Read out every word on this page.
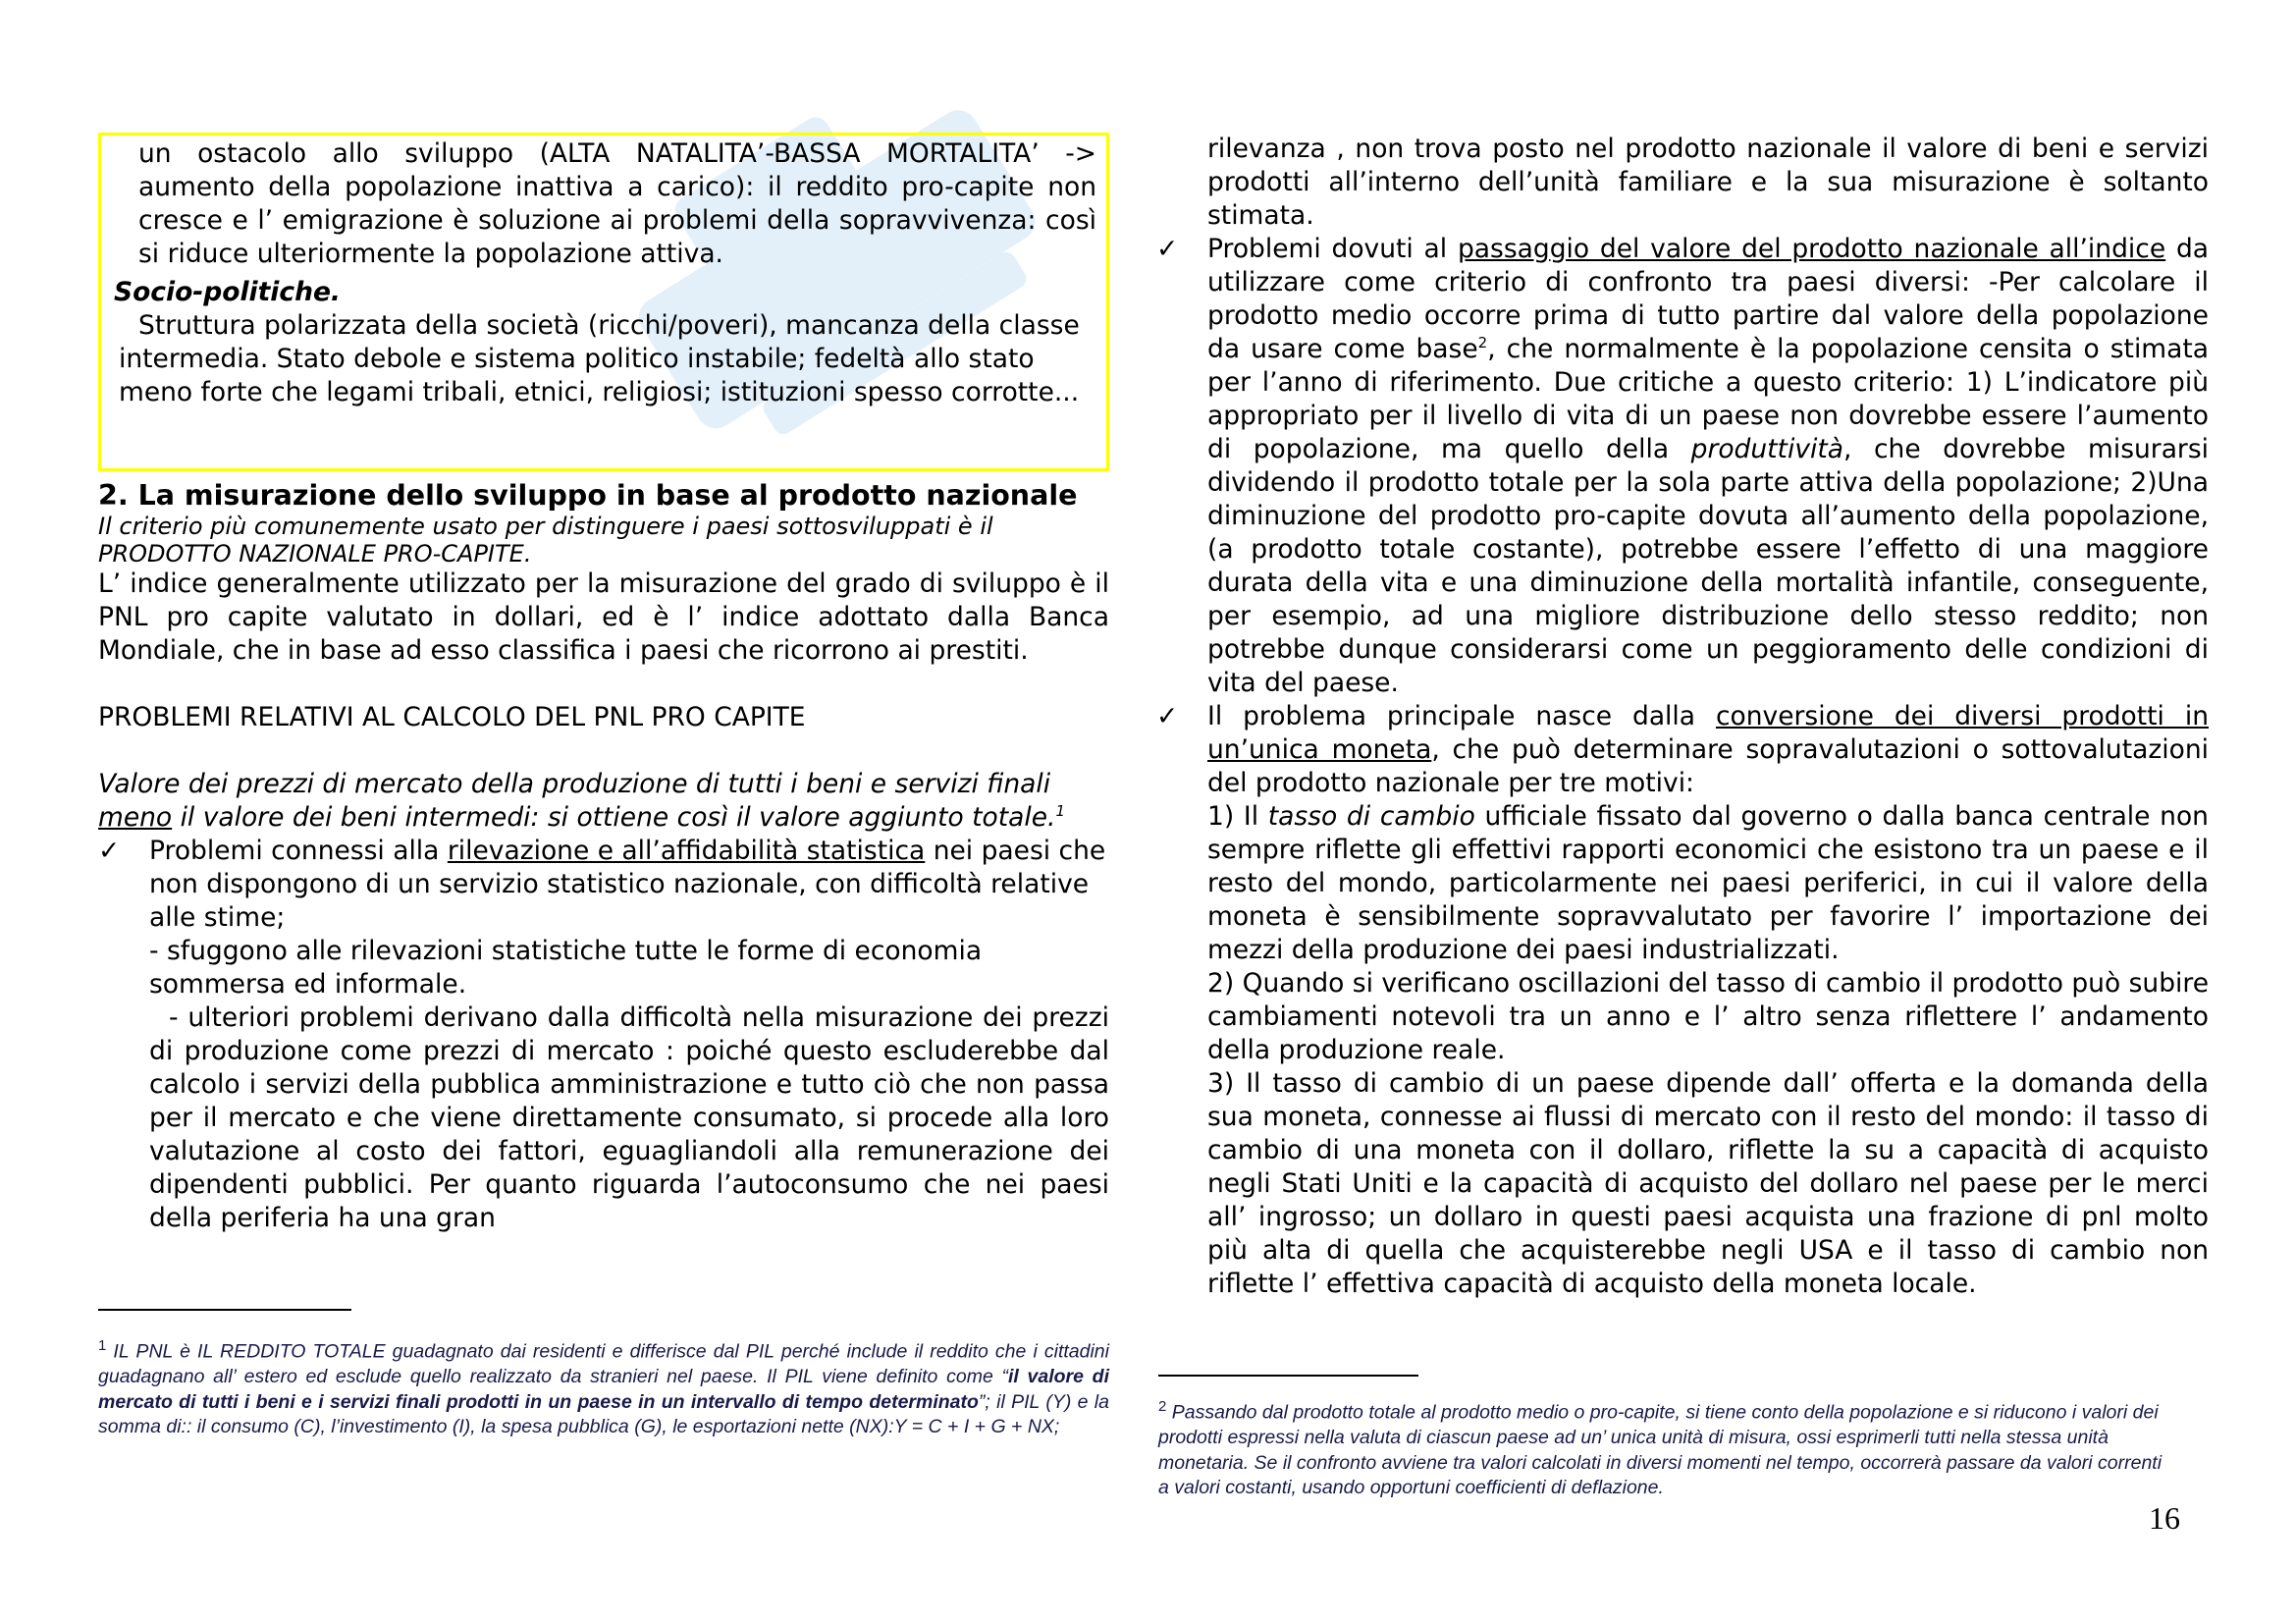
un ostacolo allo sviluppo (ALTA NATALITA’-BASSA MORTALITA’ -> aumento della popolazione inattiva a carico): il reddito pro-capite non cresce e l’ emigrazione è soluzione ai problemi della sopravvivenza: così si riduce ulteriormente la popolazione attiva.

Socio-politiche.

Struttura polarizzata della società (ricchi/poveri), mancanza della classe intermedia. Stato debole e sistema politico instabile; fedeltà allo stato meno forte che legami tribali, etnici, religiosi; istituzioni spesso corrotte...

2. La misurazione dello sviluppo in base al prodotto nazionale

Il criterio più comunemente usato per distinguere i paesi sottosviluppati è il PRODOTTO NAZIONALE PRO-CAPITE.

L’ indice generalmente utilizzato per la misurazione del grado di sviluppo è il PNL pro capite valutato in dollari, ed è l’ indice adottato dalla Banca Mondiale, che in base ad esso classifica i paesi che ricorrono ai prestiti.

PROBLEMI RELATIVI AL CALCOLO DEL PNL PRO CAPITE

Valore dei prezzi di mercato della produzione di tutti i beni e servizi finali meno il valore dei beni intermedi: si ottiene così il valore aggiunto totale.$^1$

✓ Problemi connessi alla rilevazione e all’affidabilità statistica nei paesi che non dispongono di un servizio statistico nazionale, con difficoltà relative alle stime;

- sfuggono alle rilevazioni statistiche tutte le forme di economia sommersa ed informale.

- ulteriori problemi derivano dalla difficoltà nella misurazione dei prezzi di produzione come prezzi di mercato : poiché questo escluderebbe dal calcolo i servizi della pubblica amministrazione e tutto ciò che non passa per il mercato e che viene direttamente consumato, si procede alla loro valutazione al costo dei fattori, eguagliandoli alla remunerazione dei dipendenti pubblici. Per quanto riguarda l’autoconsumo che nei paesi della periferia ha una gran

$^1$ IL PNL è IL REDDITO TOTALE guadagnato dai residenti e differisce dal PIL perché include il reddito che i cittadini guadagnano all’ estero ed esclude quello realizzato da stranieri nel paese. Il PIL viene definito come “il valore di mercato di tutti i beni e i servizi finali prodotti in un paese in un intervallo di tempo determinato”; il PIL (Y) e la somma di:: il consumo (C), l’investimento (I), la spesa pubblica (G), le esportazioni nette (NX):Y = C + I + G + NX;

rilevanza , non trova posto nel prodotto nazionale il valore di beni e servizi prodotti all’interno dell’unità familiare e la sua misurazione è soltanto stimata.

✓ Problemi dovuti al passaggio del valore del prodotto nazionale all’indice da utilizzare come criterio di confronto tra paesi diversi: -Per calcolare il prodotto medio occorre prima di tutto partire dal valore della popolazione da usare come base$^2$, che normalmente è la popolazione censita o stimata per l’anno di riferimento. Due critiche a questo criterio: 1) L’indicatore più appropriato per il livello di vita di un paese non dovrebbe essere l’aumento di popolazione, ma quello della produttività, che dovrebbe misurarsi dividendo il prodotto totale per la sola parte attiva della popolazione; 2)Una diminuzione del prodotto pro-capite dovuta all’aumento della popolazione, (a prodotto totale costante), potrebbe essere l’effetto di una maggiore durata della vita e una diminuzione della mortalità infantile, conseguente, per esempio, ad una migliore distribuzione dello stesso reddito; non potrebbe dunque considerarsi come un peggioramento delle condizioni di vita del paese.

✓ Il problema principale nasce dalla conversione dei diversi prodotti in un’unica moneta, che può determinare sopravalutazioni o sottovalutazioni del prodotto nazionale per tre motivi:

1) Il tasso di cambio ufficiale fissato dal governo o dalla banca centrale non sempre riflette gli effettivi rapporti economici che esistono tra un paese e il resto del mondo, particolarmente nei paesi periferici, in cui il valore della moneta è sensibilmente sopravvalutato per favorire l’ importazione dei mezzi della produzione dei paesi industrializzati.

2) Quando si verificano oscillazioni del tasso di cambio il prodotto può subire cambiamenti notevoli tra un anno e l’ altro senza riflettere l’ andamento della produzione reale.

3) Il tasso di cambio di un paese dipende dall’ offerta e la domanda della sua moneta, connesse ai flussi di mercato con il resto del mondo: il tasso di cambio di una moneta con il dollaro, riflette la su a capacità di acquisto negli Stati Uniti e la capacità di acquisto del dollaro nel paese per le merci all’ ingrosso; un dollaro in questi paesi acquista una frazione di pnl molto più alta di quella che acquisterebbe negli USA e il tasso di cambio non riflette l’ effettiva capacità di acquisto della moneta locale.

$^2$ Passando dal prodotto totale al prodotto medio o pro-capite, si tiene conto della popolazione e si riducono i valori dei prodotti espressi nella valuta di ciascun paese ad un’ unica unità di misura, ossi esprimerli tutti nella stessa unità monetaria. Se il confronto avviene tra valori calcolati in diversi momenti nel tempo, occorrerà passare da valori correnti a valori costanti, usando opportuni coefficienti di deflazione.
16
